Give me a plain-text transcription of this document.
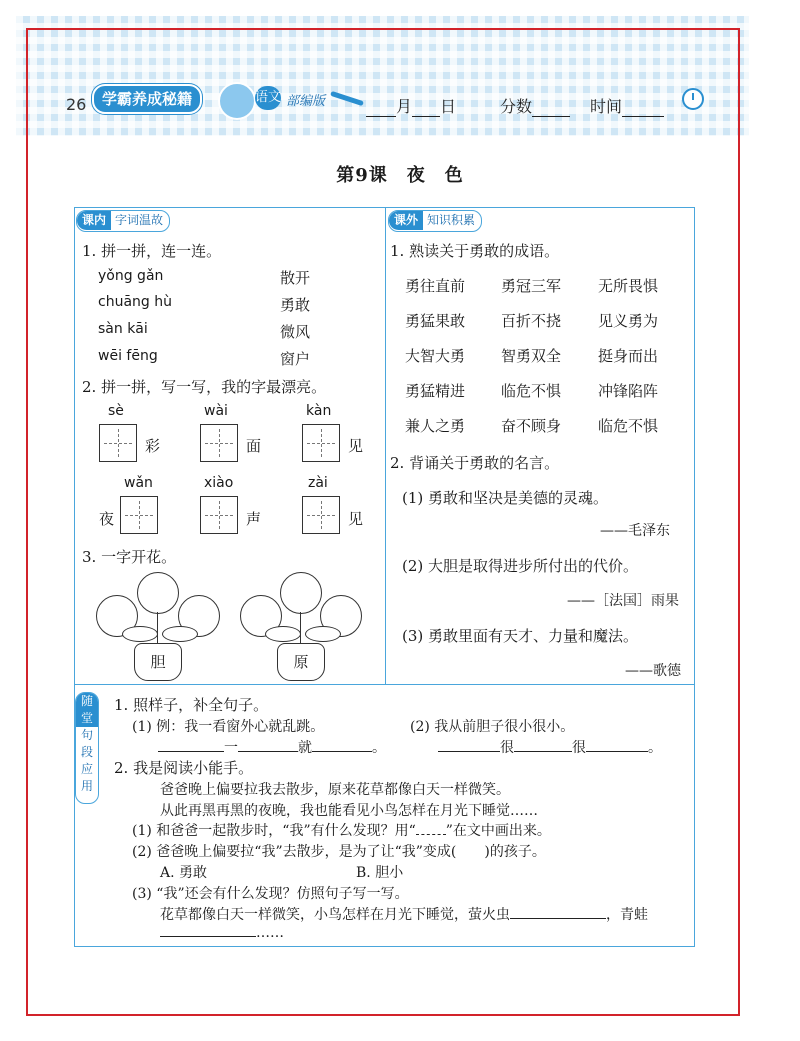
26	学霸养成秘籍	语文 部编版	月 日	分数	时间
第9课　夜　色
课内 字词温故
1. 拼一拼，连一连。
yǒng gǎn
chuāng hù
sàn kāi
wēi fēng
散开
勇敢
微风
窗户
2. 拼一拼，写一写，我的字最漂亮。
sè
彩
wài
面
kàn
见
wǎn
夜
xiào
声
zài
见
3. 一字开花。
胆	原
课外 知识积累
1. 熟读关于勇敢的成语。
勇往直前 勇冠三军 无所畏惧
勇猛果敢 百折不挠 见义勇为
大智大勇 智勇双全 挺身而出
勇猛精进 临危不惧 冲锋陷阵
兼人之勇 奋不顾身 临危不惧
2. 背诵关于勇敢的名言。
(1) 勇敢和坚决是美德的灵魂。
——毛泽东
(2) 大胆是取得进步所付出的代价。
——［法国］雨果
(3) 勇敢里面有天才、力量和魔法。
——歌德
随
堂
句
段
应
用
1. 照样子，补全句子。
(1) 例：我一看窗外心就乱跳。	(2) 我从前胆子很小很小。
一	就	。	很	很	。
2. 我是阅读小能手。
爸爸晚上偏要拉我去散步，原来花草都像白天一样微笑。
从此再黑再黑的夜晚，我也能看见小鸟怎样在月光下睡觉……
(1) 和爸爸一起散步时，“我”有什么发现？用“ ”在文中画出来。
(2) 爸爸晚上偏要拉“我”去散步，是为了让“我”变成(　　)的孩子。
A. 勇敢	B. 胆小
(3) “我”还会有什么发现？仿照句子写一写。
花草都像白天一样微笑，小鸟怎样在月光下睡觉，萤火虫	，青蛙
……
